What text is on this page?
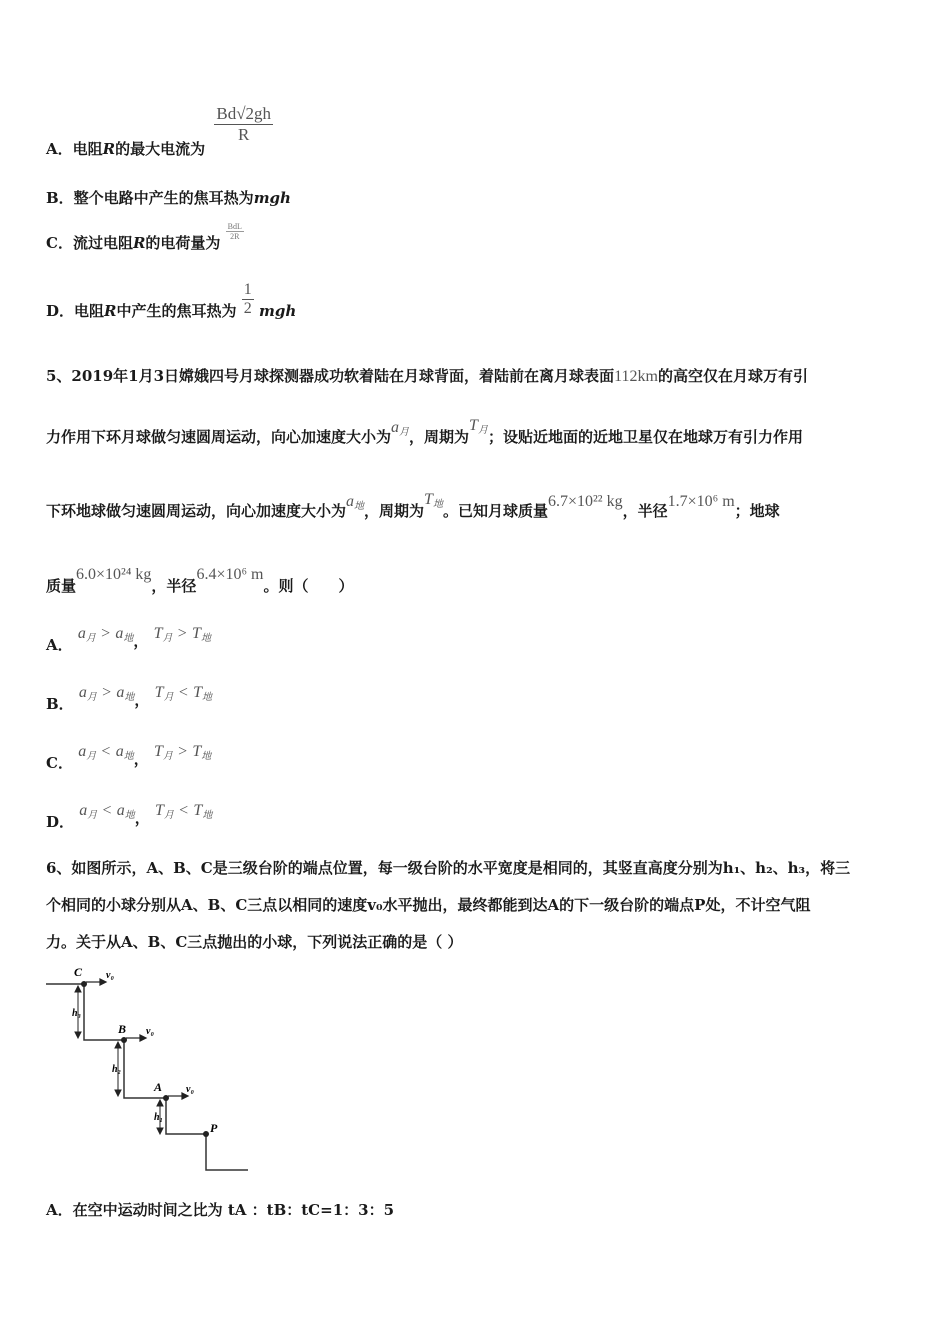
A．电阻R的最大电流为
$\frac{Bd√2gh}{R}$
B．整个电路中产生的焦耳热为mgh
C．流过电阻R的电荷量为
$\frac{\text{BdL}}{2R}$
D．电阻R中产生的焦耳热为 $\frac{1}{2}$ mgh
5、2019年1月3日嫦娥四号月球探测器成功软着陆在月球背面，着陆前在离月球表面112km的高空仅在月球万有引
力作用下环月球做匀速圆周运动，向心加速度大小为$a_月$，周期为$T_月$；设贴近地面的近地卫星仅在地球万有引力作用
下环地球做匀速圆周运动，向心加速度大小为$a_地$，周期为$T_地$。已知月球质量6.7×10²² kg，半径1.7×10⁶ m；地球
质量6.0×10²⁴ kg，半径6.4×10⁶ m。则（　　）
A． $a_月 > a_地$， $T_月 > T_地$
B． $a_月 > a_地$， $T_月 < T_地$
C． $a_月 < a_地$， $T_月 > T_地$
D． $a_月 < a_地$， $T_月 < T_地$
6、如图所示，A、B、C是三级台阶的端点位置，每一级台阶的水平宽度是相同的，其竖直高度分别为h₁、h₂、h₃，将三
个相同的小球分别从A、B、C三点以相同的速度v₀水平抛出，最终都能到达A的下一级台阶的端点P处，不计空气阻
力。关于从A、B、C三点抛出的小球，下列说法正确的是（ ）
C v₀
B v₀
A v₀
P
h₃
h₂
h₁
A．在空中运动时间之比为 tA ：tB：tC=1：3：5
